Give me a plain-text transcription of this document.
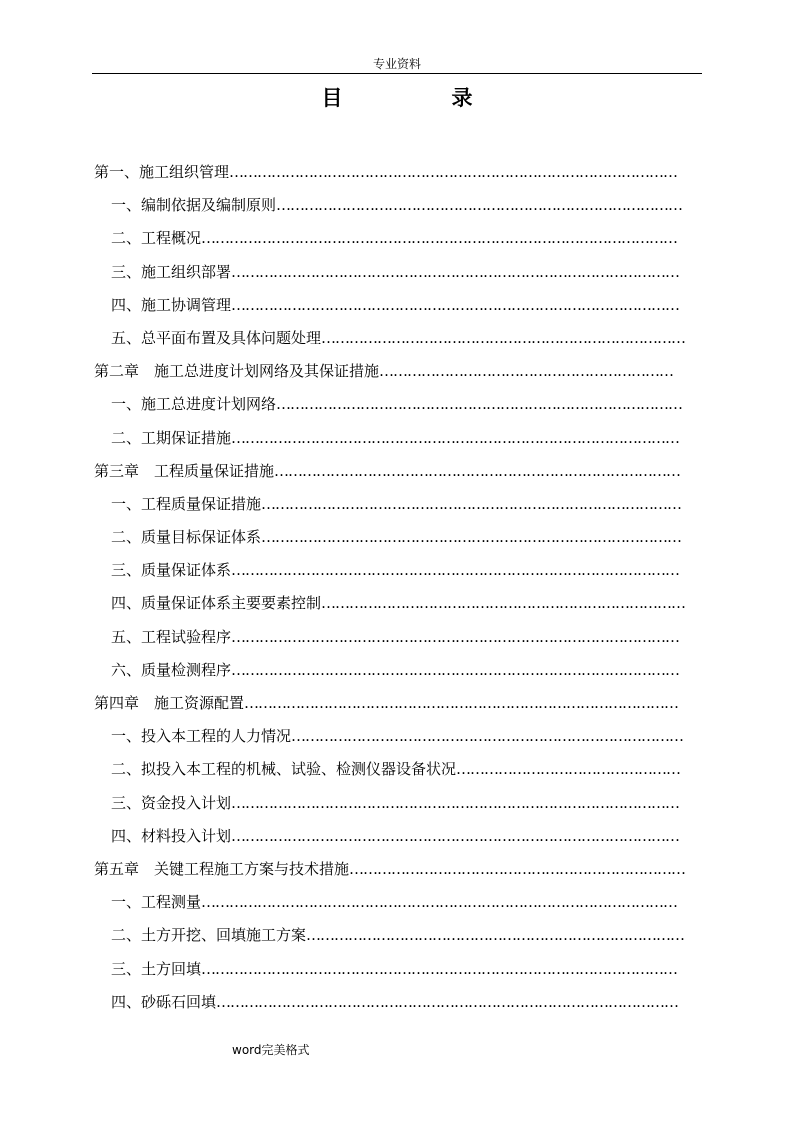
专业资料
目　录
第一、施工组织管理……………………………………………………………………………………
一、编制依据及编制原则……………………………………………………………………………
二、工程概况…………………………………………………………………………………………
三、施工组织部署……………………………………………………………………………………
四、施工协调管理……………………………………………………………………………………
五、总平面布置及具体问题处理……………………………………………………………………
第二章　施工总进度计划网络及其保证措施………………………………………………………
一、施工总进度计划网络……………………………………………………………………………
二、工期保证措施……………………………………………………………………………………
第三章　工程质量保证措施……………………………………………………………………………
一、工程质量保证措施………………………………………………………………………………
二、质量目标保证体系………………………………………………………………………………
三、质量保证体系……………………………………………………………………………………
四、质量保证体系主要要素控制……………………………………………………………………
五、工程试验程序……………………………………………………………………………………
六、质量检测程序……………………………………………………………………………………
第四章　施工资源配置…………………………………………………………………………………
一、投入本工程的人力情况…………………………………………………………………………
二、拟投入本工程的机械、试验、检测仪器设备状况…………………………………………
三、资金投入计划……………………………………………………………………………………
四、材料投入计划……………………………………………………………………………………
第五章　关键工程施工方案与技术措施………………………………………………………………
一、工程测量…………………………………………………………………………………………
二、土方开挖、回填施工方案………………………………………………………………………
三、土方回填…………………………………………………………………………………………
四、砂砾石回填………………………………………………………………………………………
word完美格式
